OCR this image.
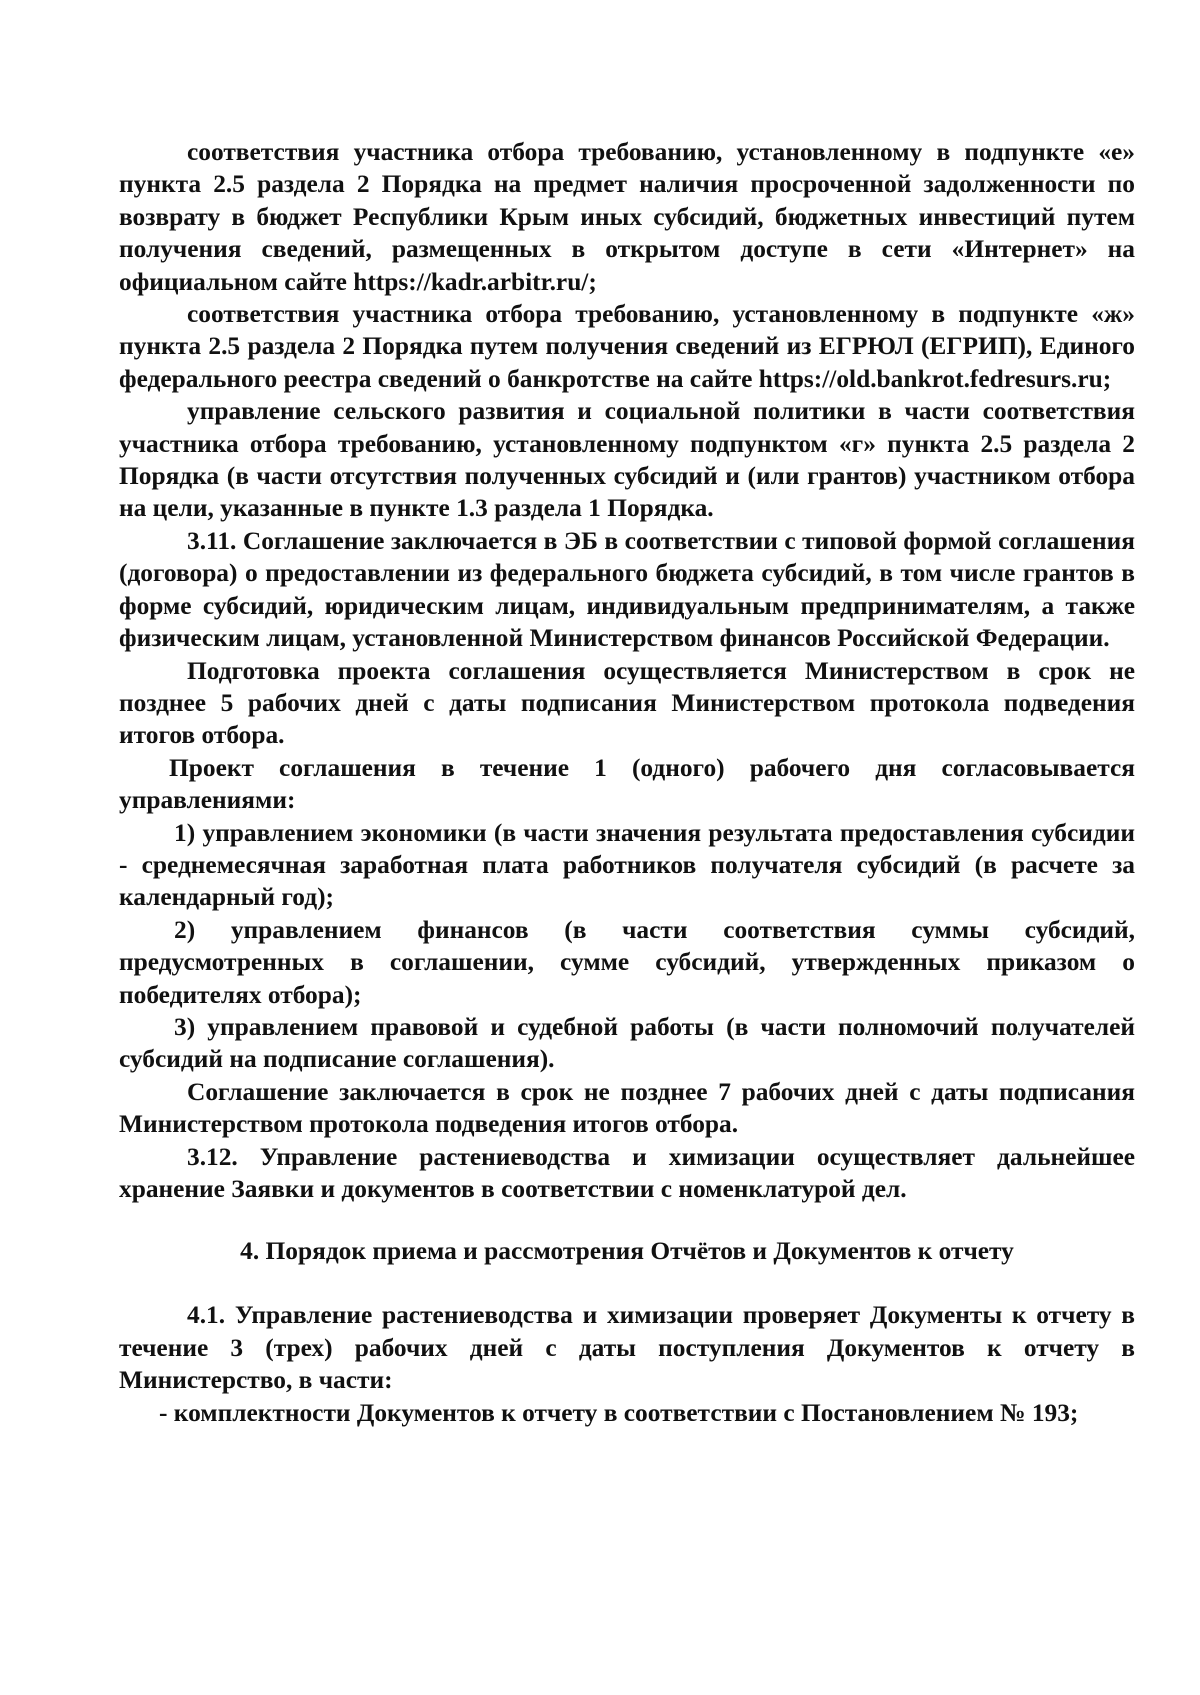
соответствия участника отбора требованию, установленному в подпункте «е» пункта 2.5 раздела 2 Порядка на предмет наличия просроченной задолженности по возврату в бюджет Республики Крым иных субсидий, бюджетных инвестиций путем получения сведений, размещенных в открытом доступе в сети «Интернет» на официальном сайте https://kadr.arbitr.ru/;

соответствия участника отбора требованию, установленному в подпункте «ж» пункта 2.5 раздела 2 Порядка путем получения сведений из ЕГРЮЛ (ЕГРИП), Единого федерального реестра сведений о банкротстве на сайте https://old.bankrot.fedresurs.ru;

управление сельского развития и социальной политики в части соответствия участника отбора требованию, установленному подпунктом «г» пункта 2.5 раздела 2 Порядка (в части отсутствия полученных субсидий и (или грантов) участником отбора на цели, указанные в пункте 1.3 раздела 1 Порядка.

3.11. Соглашение заключается в ЭБ в соответствии с типовой формой соглашения (договора) о предоставлении из федерального бюджета субсидий, в том числе грантов в форме субсидий, юридическим лицам, индивидуальным предпринимателям, а также физическим лицам, установленной Министерством финансов Российской Федерации.

Подготовка проекта соглашения осуществляется Министерством в срок не позднее 5 рабочих дней с даты подписания Министерством протокола подведения итогов отбора.

Проект соглашения в течение 1 (одного) рабочего дня согласовывается управлениями:

1) управлением экономики (в части значения результата предоставления субсидии - среднемесячная заработная плата работников получателя субсидий (в расчете за календарный год);

2) управлением финансов (в части соответствия суммы субсидий, предусмотренных в соглашении, сумме субсидий, утвержденных приказом о победителях отбора);

3) управлением правовой и судебной работы (в части полномочий получателей субсидий на подписание соглашения).

Соглашение заключается в срок не позднее 7 рабочих дней с даты подписания Министерством протокола подведения итогов отбора.

3.12. Управление растениеводства и химизации осуществляет дальнейшее хранение Заявки и документов в соответствии с номенклатурой дел.

4. Порядок приема и рассмотрения Отчётов и Документов к отчету

4.1. Управление растениеводства и химизации проверяет Документы к отчету в течение 3 (трех) рабочих дней с даты поступления Документов к отчету в Министерство, в части:

- комплектности Документов к отчету в соответствии с Постановлением № 193;
